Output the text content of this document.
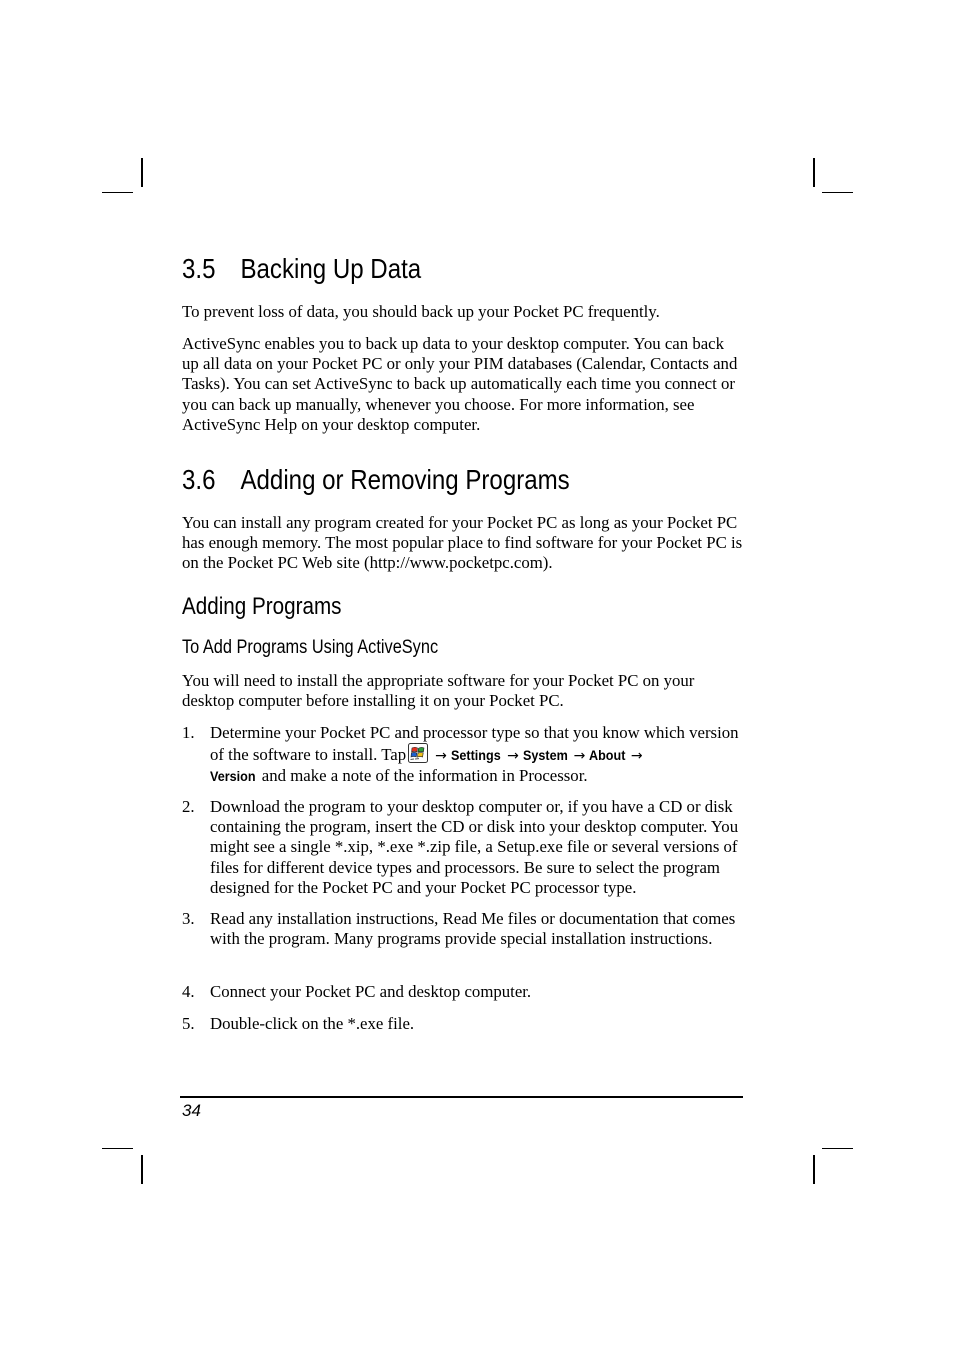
3.5 Backing Up Data

To prevent loss of data, you should back up your Pocket PC frequently.

ActiveSync enables you to back up data to your desktop computer. You can back up all data on your Pocket PC or only your PIM databases (Calendar, Contacts and Tasks). You can set ActiveSync to back up automatically each time you connect or you can back up manually, whenever you choose. For more information, see ActiveSync Help on your desktop computer.

3.6 Adding or Removing Programs

You can install any program created for your Pocket PC as long as your Pocket PC has enough memory. The most popular place to find software for your Pocket PC is on the Pocket PC Web site (http://www.pocketpc.com).

Adding Programs
To Add Programs Using ActiveSync

You will need to install the appropriate software for your Pocket PC on your desktop computer before installing it on your Pocket PC.

1. Determine your Pocket PC and processor type so that you know which version of the software to install. Tap → Settings → System → About →
Version and make a note of the information in Processor.
2. Download the program to your desktop computer or, if you have a CD or disk containing the program, insert the CD or disk into your desktop computer. You might see a single *.xip, *.exe *.zip file, a Setup.exe file or several versions of files for different device types and processors. Be sure to select the program designed for the Pocket PC and your Pocket PC processor type.
3. Read any installation instructions, Read Me files or documentation that comes with the program. Many programs provide special installation instructions.
4. Connect your Pocket PC and desktop computer.
5. Double-click on the *.exe file.
34
